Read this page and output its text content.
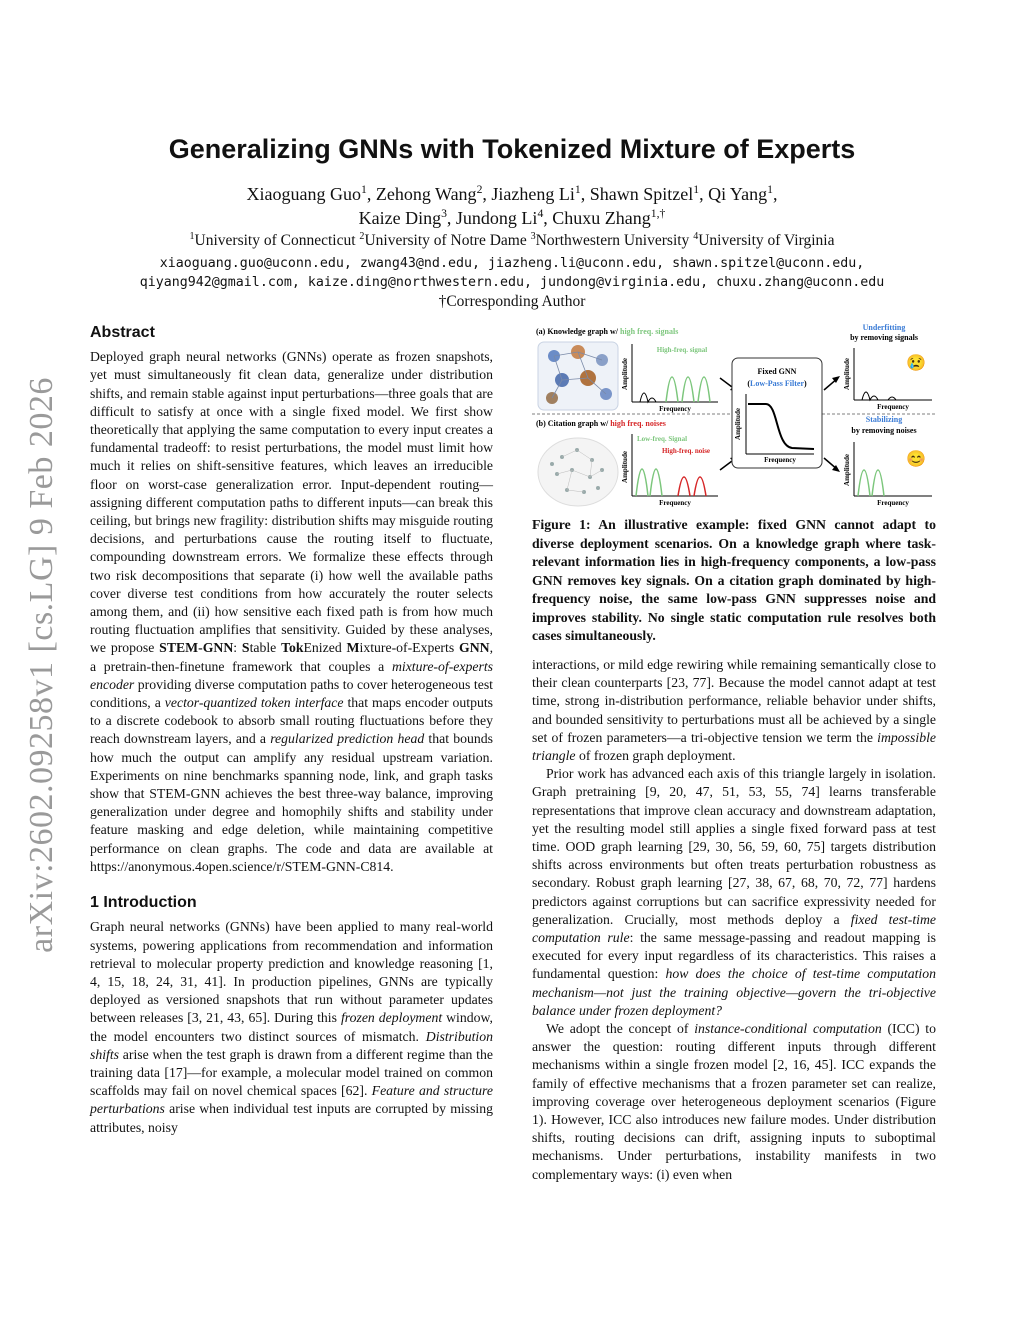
arXiv:2602.09258v1 [cs.LG] 9 Feb 2026
Generalizing GNNs with Tokenized Mixture of Experts
Xiaoguang Guo$^1$, Zehong Wang$^2$, Jiazheng Li$^1$, Shawn Spitzel$^1$, Qi Yang$^1$,
Kaize Ding$^3$, Jundong Li$^4$, Chuxu Zhang$^{1,\dagger}$
$^1$University of Connecticut $^2$University of Notre Dame $^3$Northwestern University $^4$University of Virginia
xiaoguang.guo@uconn.edu, zwang43@nd.edu, jiazheng.li@uconn.edu, shawn.spitzel@uconn.edu,
qiyang942@gmail.com, kaize.ding@northwestern.edu, jundong@virginia.edu, chuxu.zhang@uconn.edu
†Corresponding Author
Abstract

Deployed graph neural networks (GNNs) operate as frozen snapshots, yet must simultaneously fit clean data, generalize under distribution shifts, and remain stable against input perturbations—three goals that are difficult to satisfy at once with a single fixed model. We first show theoretically that applying the same computation to every input creates a fundamental tradeoff: to resist perturbations, the model must limit how much it relies on shift-sensitive features, which leaves an irreducible floor on worst-case generalization error. Input-dependent routing—assigning different computation paths to different inputs—can break this ceiling, but brings new fragility: distribution shifts may misguide routing decisions, and perturbations cause the routing itself to fluctuate, compounding downstream errors. We formalize these effects through two risk decompositions that separate (i) how well the available paths cover diverse test conditions from how accurately the router selects among them, and (ii) how sensitive each fixed path is from how much routing fluctuation amplifies that sensitivity. Guided by these analyses, we propose STEM-GNN: Stable TokEnized Mixture-of-Experts GNN, a pretrain-then-finetune framework that couples a mixture-of-experts encoder providing diverse computation paths to cover heterogeneous test conditions, a vector-quantized token interface that maps encoder outputs to a discrete codebook to absorb small routing fluctuations before they reach downstream layers, and a regularized prediction head that bounds how much the output can amplify any residual upstream variation. Experiments on nine benchmarks spanning node, link, and graph tasks show that STEM-GNN achieves the best three-way balance, improving generalization under degree and homophily shifts and stability under feature masking and edge deletion, while maintaining competitive performance on clean graphs. The code and data are available at https://anonymous.4open.science/r/STEM-GNN-C814.

1 Introduction

Graph neural networks (GNNs) have been applied to many real-world systems, powering applications from recommendation and information retrieval to molecular property prediction and knowledge reasoning [1, 4, 15, 18, 24, 31, 41]. In production pipelines, GNNs are typically deployed as versioned snapshots that run without parameter updates between releases [3, 21, 43, 65]. During this frozen deployment window, the model encounters two distinct sources of mismatch. Distribution shifts arise when the test graph is drawn from a different regime than the training data [17]—for example, a molecular model trained on common scaffolds may fail on novel chemical spaces [62]. Feature and structure perturbations arise when individual test inputs are corrupted by missing attributes, noisy

(a) Knowledge graph w/ high freq. signals
Amplitude
Frequency
High-freq. signal
(b) Citation graph w/ high freq. noises
Amplitude
Frequency
Low-freq. Signal
High-freq. noise
Fixed GNN
(Low-Pass Filter)
Amplitude
Frequency
Underfitting
by removing signals
Amplitude
Frequency
😢
Stabilizing
by removing noises
Amplitude
Frequency
😊
Figure 1: An illustrative example: fixed GNN cannot adapt to diverse deployment scenarios. On a knowledge graph where task-relevant information lies in high-frequency components, a low-pass GNN removes key signals. On a citation graph dominated by high-frequency noise, the same low-pass GNN suppresses noise and improves stability. No single static computation rule resolves both cases simultaneously.

interactions, or mild edge rewiring while remaining semantically close to their clean counterparts [23, 77]. Because the model cannot adapt at test time, strong in-distribution performance, reliable behavior under shifts, and bounded sensitivity to perturbations must all be achieved by a single set of frozen parameters—a tri-objective tension we term the impossible triangle of frozen graph deployment.

Prior work has advanced each axis of this triangle largely in isolation. Graph pretraining [9, 20, 47, 51, 53, 55, 74] learns transferable representations that improve clean accuracy and downstream adaptation, yet the resulting model still applies a single fixed forward pass at test time. OOD graph learning [29, 30, 56, 59, 60, 75] targets distribution shifts across environments but often treats perturbation robustness as secondary. Robust graph learning [27, 38, 67, 68, 70, 72, 77] hardens predictors against corruptions but can sacrifice expressivity needed for generalization. Crucially, most methods deploy a fixed test-time computation rule: the same message-passing and readout mapping is executed for every input regardless of its characteristics. This raises a fundamental question: how does the choice of test-time computation mechanism—not just the training objective—govern the tri-objective balance under frozen deployment?

We adopt the concept of instance-conditional computation (ICC) to answer the question: routing different inputs through different mechanisms within a single frozen model [2, 16, 45]. ICC expands the family of effective mechanisms that a frozen parameter set can realize, improving coverage over heterogeneous deployment scenarios (Figure 1). However, ICC also introduces new failure modes. Under distribution shifts, routing decisions can drift, assigning inputs to suboptimal mechanisms. Under perturbations, instability manifests in two complementary ways: (i) even when
